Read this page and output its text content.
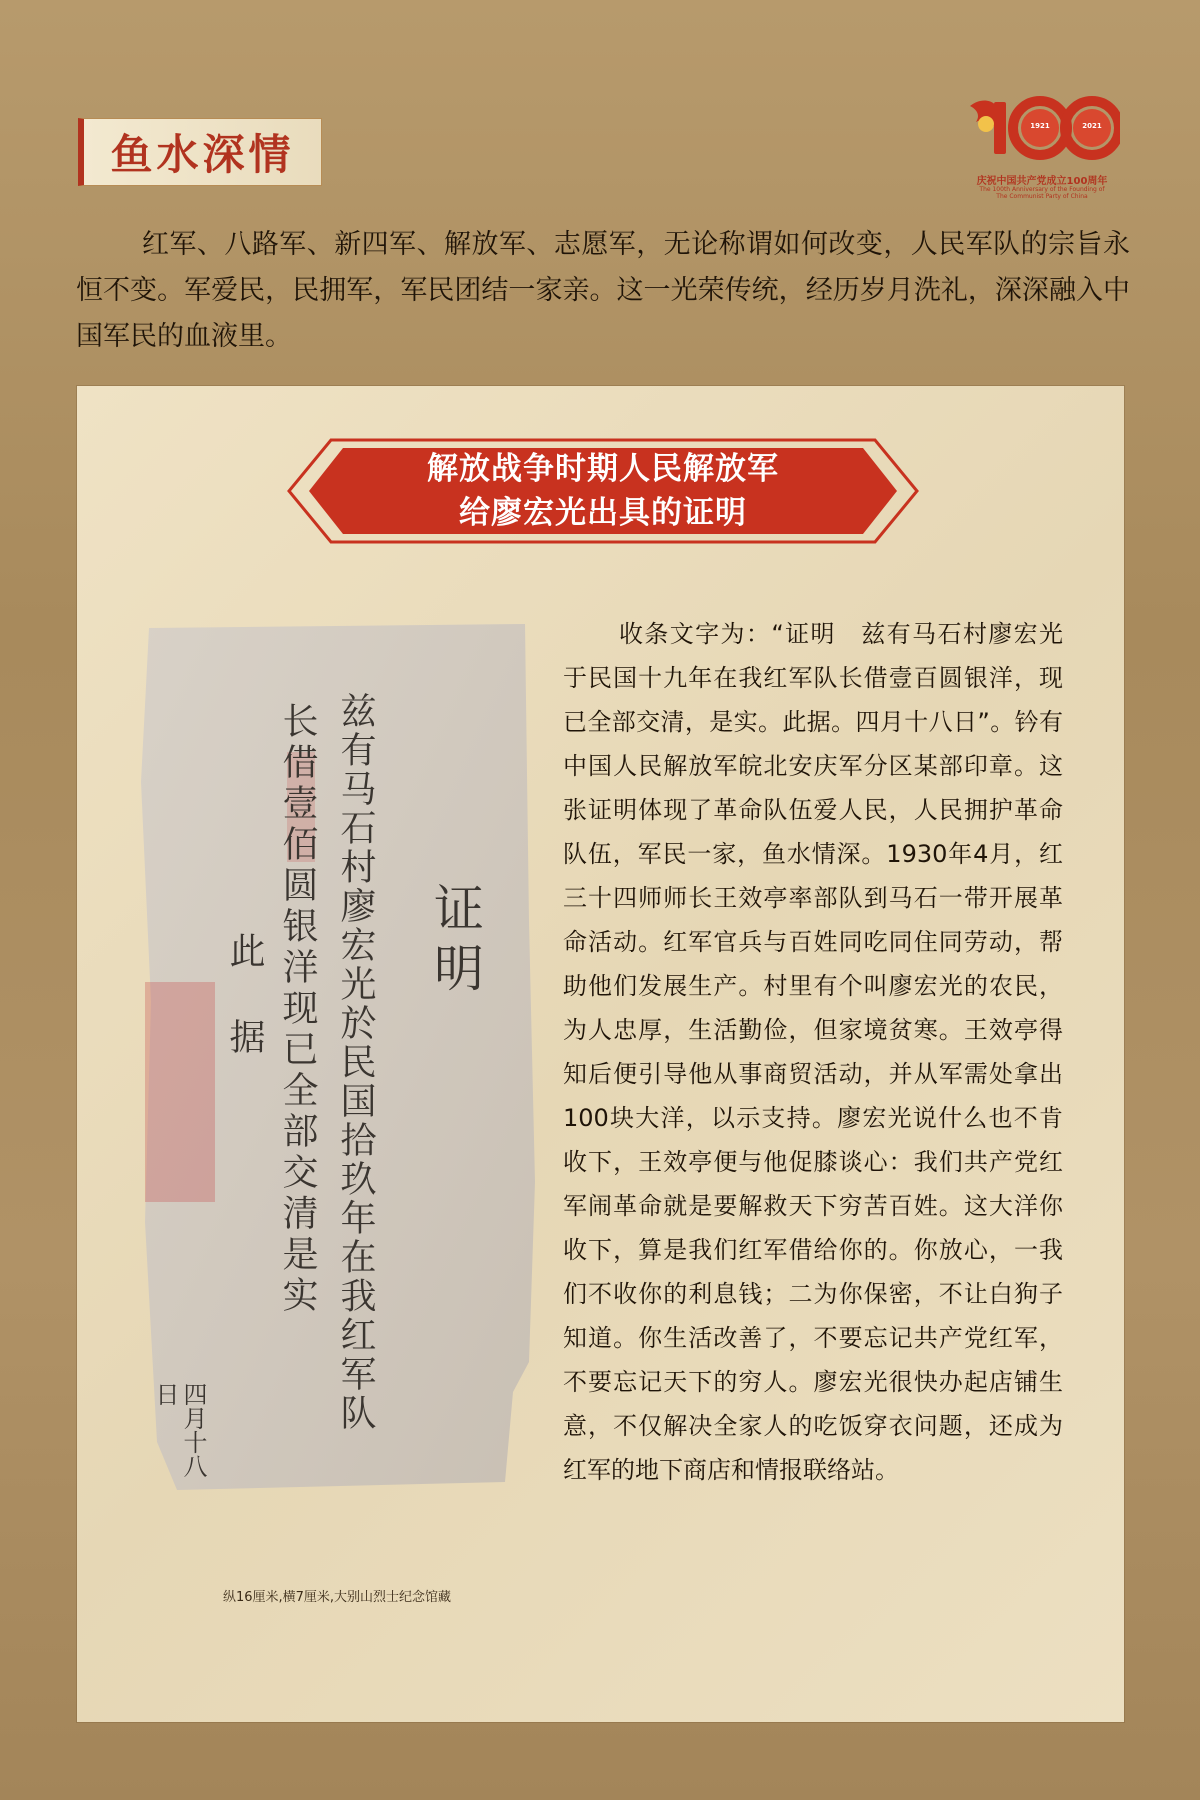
鱼水深情
1921	2021
庆祝中国共产党成立100周年
The 100th Anniversary of the Founding of
The Communist Party of China

红军、八路军、新四军、解放军、志愿军，无论称谓如何改变，人民军队的宗旨永恒不变。军爱民，民拥军，军民团结一家亲。这一光荣传统，经历岁月洗礼，深深融入中国军民的血液里。

解放战争时期人民解放军
给廖宏光出具的证明
证明
兹有马石村廖宏光於民国拾玖年在我红军队
长借壹佰圆银洋现已全部交清是实
此据
四月十八日
纵16厘米,横7厘米,大别山烈士纪念馆藏

收条文字为：“证明　兹有马石村廖宏光于民国十九年在我红军队长借壹百圆银洋，现已全部交清，是实。此据。四月十八日”。钤有中国人民解放军皖北安庆军分区某部印章。这张证明体现了革命队伍爱人民，人民拥护革命队伍，军民一家，鱼水情深。1930年4月，红三十四师师长王效亭率部队到马石一带开展革命活动。红军官兵与百姓同吃同住同劳动，帮助他们发展生产。村里有个叫廖宏光的农民，为人忠厚，生活勤俭，但家境贫寒。王效亭得知后便引导他从事商贸活动，并从军需处拿出100块大洋，以示支持。廖宏光说什么也不肯收下，王效亭便与他促膝谈心：我们共产党红军闹革命就是要解救天下穷苦百姓。这大洋你收下，算是我们红军借给你的。你放心，一我们不收你的利息钱；二为你保密，不让白狗子知道。你生活改善了，不要忘记共产党红军，不要忘记天下的穷人。廖宏光很快办起店铺生意，不仅解决全家人的吃饭穿衣问题，还成为红军的地下商店和情报联络站。
